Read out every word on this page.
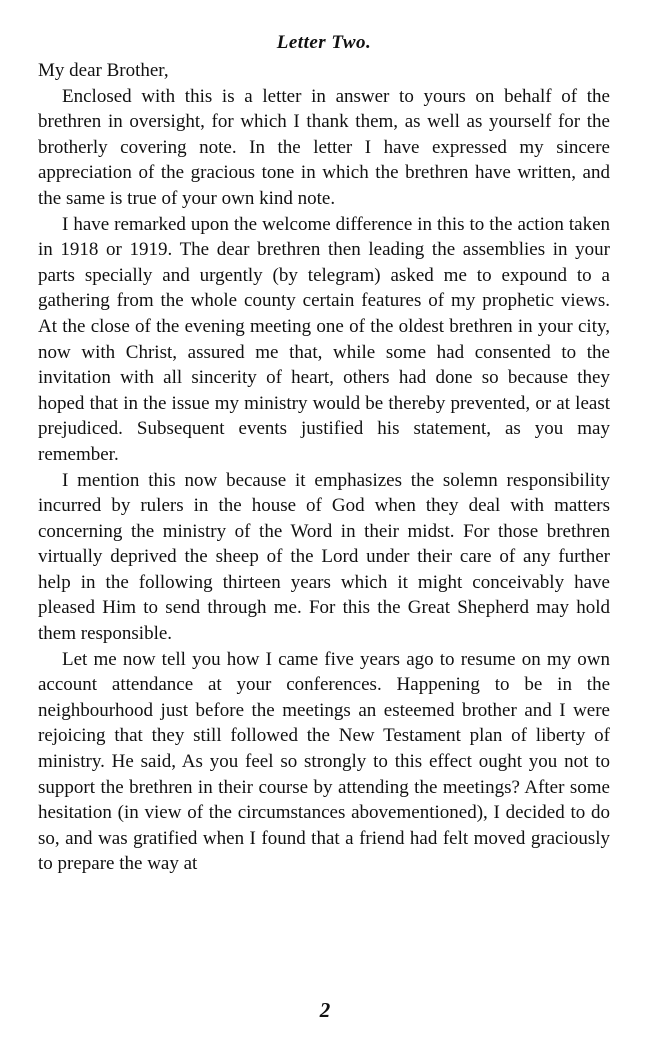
Letter Two.

My dear Brother,

Enclosed with this is a letter in answer to yours on behalf of the brethren in oversight, for which I thank them, as well as yourself for the brotherly covering note. In the letter I have expressed my sincere appreciation of the gracious tone in which the brethren have written, and the same is true of your own kind note.

I have remarked upon the welcome difference in this to the action taken in 1918 or 1919. The dear brethren then leading the assemblies in your parts specially and urgently (by telegram) asked me to expound to a gathering from the whole county certain features of my prophetic views. At the close of the evening meeting one of the oldest brethren in your city, now with Christ, assured me that, while some had consented to the invitation with all sincerity of heart, others had done so because they hoped that in the issue my ministry would be thereby prevented, or at least prejudiced. Subsequent events justified his statement, as you may remember.

I mention this now because it emphasizes the solemn responsibility incurred by rulers in the house of God when they deal with matters concerning the ministry of the Word in their midst. For those brethren virtually deprived the sheep of the Lord under their care of any further help in the following thirteen years which it might conceivably have pleased Him to send through me. For this the Great Shepherd may hold them responsible.

Let me now tell you how I came five years ago to resume on my own account attendance at your conferences. Happening to be in the neighbourhood just before the meetings an esteemed brother and I were rejoicing that they still followed the New Testament plan of liberty of ministry. He said, As you feel so strongly to this effect ought you not to support the brethren in their course by attending the meetings? After some hesitation (in view of the circumstances abovementioned), I decided to do so, and was gratified when I found that a friend had felt moved graciously to prepare the way at

2
